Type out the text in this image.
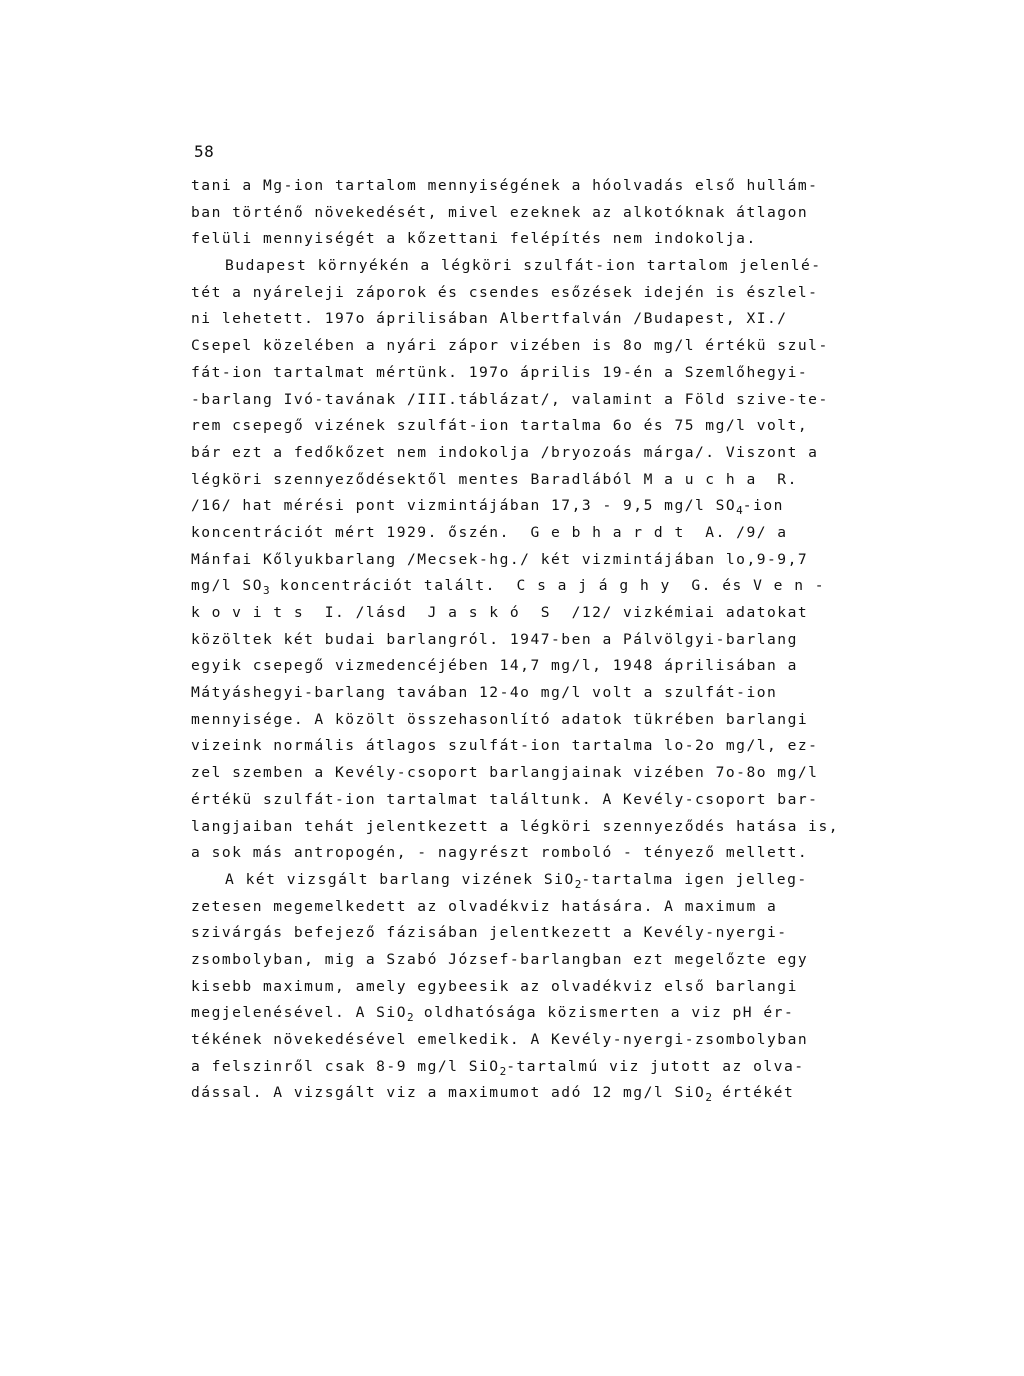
58
tani a Mg-ion tartalom mennyiségének a hóolvadás első hullám-
ban történő növekedését, mivel ezeknek az alkotóknak átlagon
felüli mennyiségét a kőzettani felépítés nem indokolja.
Budapest környékén a légköri szulfát-ion tartalom jelenlé-
tét a nyáreleji záporok és csendes esőzések idején is észlel-
ni lehetett. 197o áprilisában Albertfalván /Budapest, XI./
Csepel közelében a nyári zápor vizében is 8o mg/l értékü szul-
fát-ion tartalmat mértünk. 197o április 19-én a Szemlőhegyi-
-barlang Ivó-tavának /III.táblázat/, valamint a Föld szive-te-
rem csepegő vizének szulfát-ion tartalma 6o és 75 mg/l volt,
bár ezt a fedőkőzet nem indokolja /bryozoás márga/. Viszont a
légköri szennyeződésektől mentes Baradlából M a u c h a  R.
/16/ hat mérési pont vizmintájában 17,3 - 9,5 mg/l $SO_4$-ion
koncentrációt mért 1929. őszén.  G e b h a r d t  A. /9/ a
Mánfai Kőlyukbarlang /Mecsek-hg./ két vizmintájában lo,9-9,7
mg/l $SO_3$ koncentrációt talált.  C s a j á g h y  G. és V e n -
k o v i t s  I. /lásd  J a s k ó  S  /12/ vizkémiai adatokat
közöltek két budai barlangról. 1947-ben a Pálvölgyi-barlang
egyik csepegő vizmedencéjében 14,7 mg/l, 1948 áprilisában a
Mátyáshegyi-barlang tavában 12-4o mg/l volt a szulfát-ion
mennyisége. A közölt összehasonlító adatok tükrében barlangi
vizeink normális átlagos szulfát-ion tartalma lo-2o mg/l, ez-
zel szemben a Kevély-csoport barlangjainak vizében 7o-8o mg/l
értékü szulfát-ion tartalmat találtunk. A Kevély-csoport bar-
langjaiban tehát jelentkezett a légköri szennyeződés hatása is,
a sok más antropogén, - nagyrészt romboló - tényező mellett.
A két vizsgált barlang vizének SiO$_2$-tartalma igen jelleg-
zetesen megemelkedett az olvadékviz hatására. A maximum a
szivárgás befejező fázisában jelentkezett a Kevély-nyergi-
zsombolyban, mig a Szabó József-barlangban ezt megelőzte egy
kisebb maximum, amely egybeesik az olvadékviz első barlangi
megjelenésével. A SiO$_2$ oldhatósága közismerten a viz pH ér-
tékének növekedésével emelkedik. A Kevély-nyergi-zsombolyban
a felszinről csak 8-9 mg/l SiO$_2$-tartalmú viz jutott az olva-
dással. A vizsgált viz a maximumot adó 12 mg/l SiO$_2$ értékét
